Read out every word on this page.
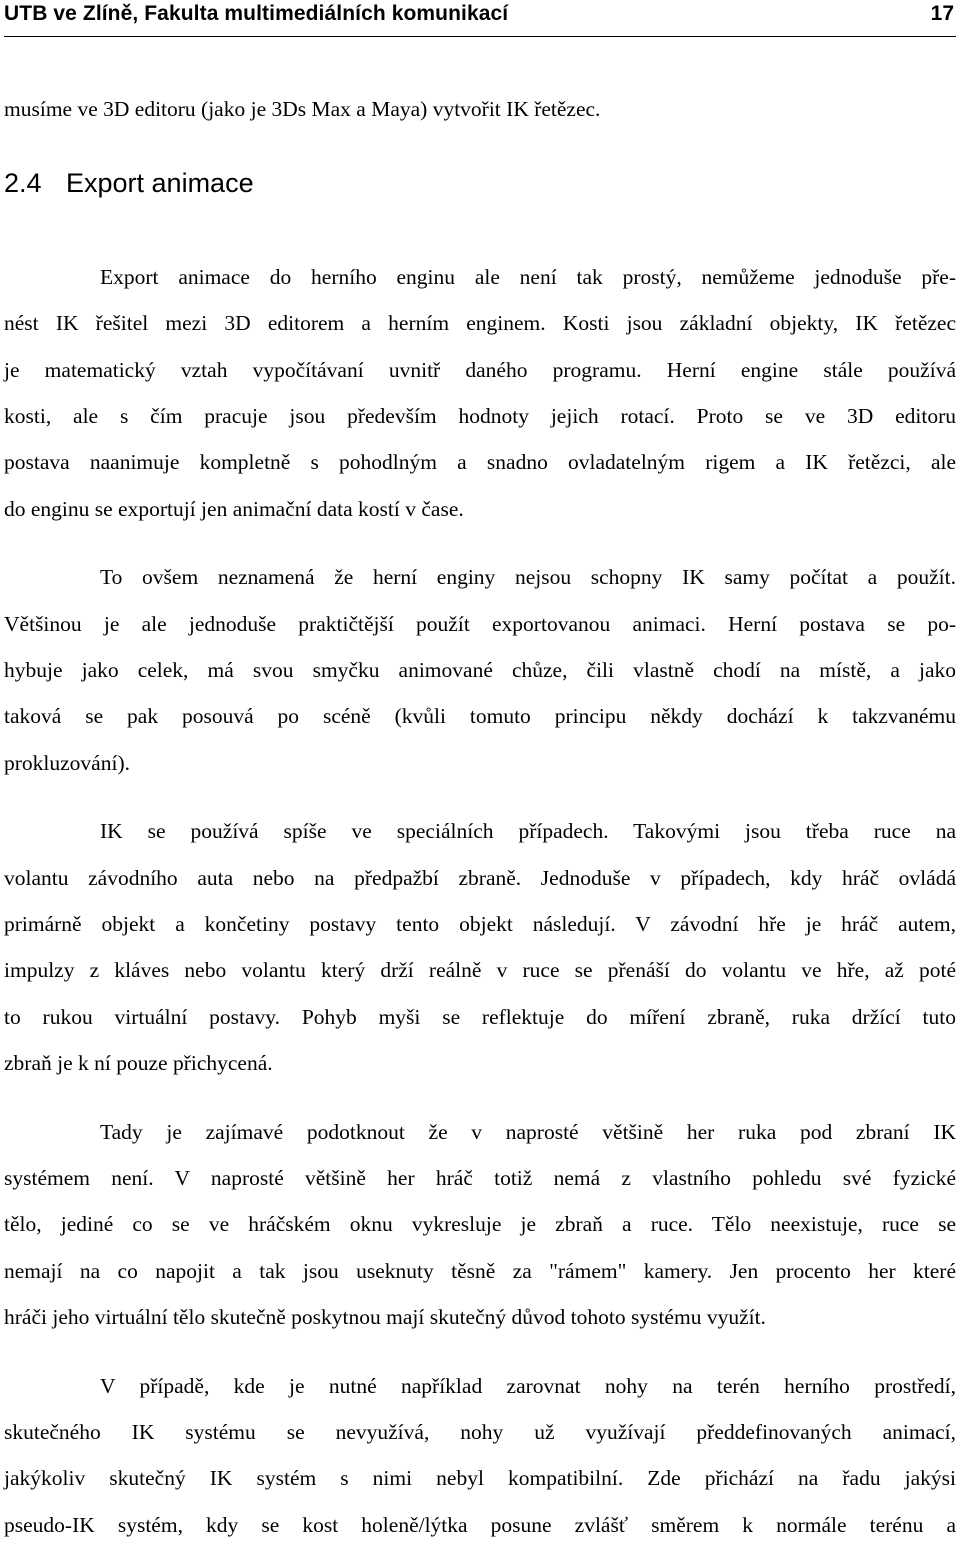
UTB ve Zlíně, Fakulta multimediálních komunikací	17
musíme ve 3D editoru (jako je 3Ds Max a Maya) vytvořit IK řetězec.
2.4 Export animace
Export animace do herního enginu ale není tak prostý, nemůžeme jednoduše pře-
nést IK řešitel mezi 3D editorem a herním enginem. Kosti jsou základní objekty, IK řetězec
je matematický vztah vypočítávaní uvnitř daného programu. Herní engine stále používá
kosti, ale s čím pracuje jsou především hodnoty jejich rotací. Proto se ve 3D editoru
postava naanimuje kompletně s pohodlným a snadno ovladatelným rigem a IK řetězci, ale
do enginu se exportují jen animační data kostí v čase.
To ovšem neznamená že herní enginy nejsou schopny IK samy počítat a použít.
Většinou je ale jednoduše praktičtější použít exportovanou animaci. Herní postava se po-
hybuje jako celek, má svou smyčku animované chůze, čili vlastně chodí na místě, a jako
taková se pak posouvá po scéně (kvůli tomuto principu někdy dochází k takzvanému
prokluzování).
IK se používá spíše ve speciálních případech. Takovými jsou třeba ruce na
volantu závodního auta nebo na předpažbí zbraně. Jednoduše v případech, kdy hráč ovládá
primárně objekt a končetiny postavy tento objekt následují. V závodní hře je hráč autem,
impulzy z kláves nebo volantu který drží reálně v ruce se přenáší do volantu ve hře, až poté
to rukou virtuální postavy. Pohyb myši se reflektuje do míření zbraně, ruka držící tuto
zbraň je k ní pouze přichycená.
Tady je zajímavé podotknout že v naprosté většině her ruka pod zbraní IK
systémem není. V naprosté většině her hráč totiž nemá z vlastního pohledu své fyzické
tělo, jediné co se ve hráčském oknu vykresluje je zbraň a ruce. Tělo neexistuje, ruce se
nemají na co napojit a tak jsou useknuty těsně za "rámem" kamery. Jen procento her které
hráči jeho virtuální tělo skutečně poskytnou mají skutečný důvod tohoto systému využít.
V případě, kde je nutné například zarovnat nohy na terén herního prostředí,
skutečného IK systému se nevyužívá, nohy už využívají předdefinovaných animací,
jakýkoliv skutečný IK systém s nimi nebyl kompatibilní. Zde přichází na řadu jakýsi
pseudo-IK systém, kdy se kost holeně/lýtka posune zvlášť směrem k normále terénu a
